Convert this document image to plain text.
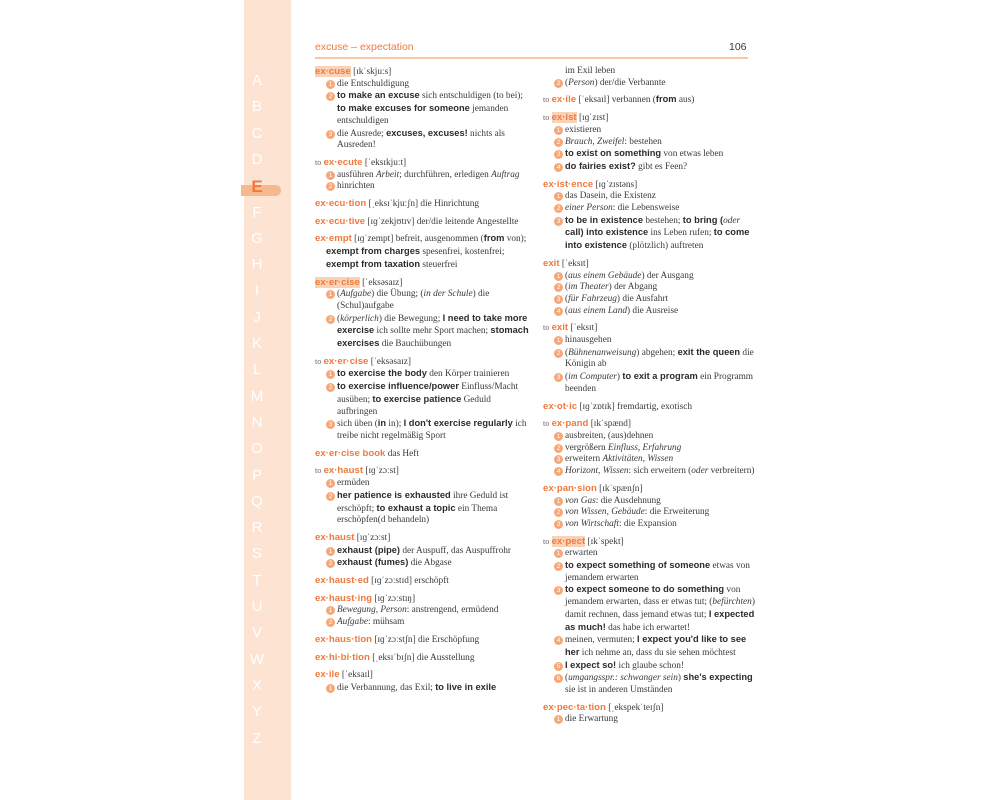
A
B
C
D
E
F
G
H
I
J
K
L
M
N
O
P
Q
R
S
T
U
V
W
X
Y
Z
excuse – expectation	106
ex·cuse [ɪkˈskjuːs]
1 die Entschuldigung
2 to make an excuse sich entschuldigen (to bei); to make excuses for someone jemanden entschuldigen
3 die Ausrede; excuses, excuses! nichts als Ausreden!
to ex·ecute [ˈeksɪkjuːt]
1 ausführen Arbeit; durchführen, erledigen Auftrag
2 hinrichten
ex·ecu·tion [ˌeksɪˈkjuːʃn] die Hinrichtung
ex·ecu·tive [ɪɡˈzekjʊtɪv] der/die leitende Angestellte
ex·empt [ɪɡˈzempt] befreit, ausgenommen (from von); exempt from charges spesenfrei, kostenfrei; exempt from taxation steuerfrei
ex·er·cise [ˈeksəsaɪz]
1 (Aufgabe) die Übung; (in der Schule) die (Schul)aufgabe
2 (körperlich) die Bewegung; I need to take more exercise ich sollte mehr Sport machen; stomach exercises die Bauchübungen
to ex·er·cise [ˈeksəsaɪz]
1 to exercise the body den Körper trainieren
2 to exercise influence/power Einfluss/Macht ausüben; to exercise patience Geduld aufbringen
3 sich üben (in in); I don't exercise regularly ich treibe nicht regelmäßig Sport
ex·er·cise book das Heft
to ex·haust [ɪɡˈzɔːst]
1 ermüden
2 her patience is exhausted ihre Geduld ist erschöpft; to exhaust a topic ein Thema erschöpfen(d behandeln)
ex·haust [ɪɡˈzɔːst]
1 exhaust (pipe) der Auspuff, das Auspuffrohr
2 exhaust (fumes) die Abgase
ex·haust·ed [ɪɡˈzɔːstɪd] erschöpft
ex·haust·ing [ɪɡˈzɔːstɪŋ]
1 Bewegung, Person: anstrengend, ermüdend
2 Aufgabe: mühsam
ex·haus·tion [ɪɡˈzɔːstʃn] die Erschöpfung
ex·hi·bi·tion [ˌeksɪˈbɪʃn] die Ausstellung
ex·ile [ˈeksaɪl]
1 die Verbannung, das Exil; to live in exile
im Exil leben
2 (Person) der/die Verbannte
to ex·ile [ˈeksaɪl] verbannen (from aus)
to ex·ist [ɪɡˈzɪst]
1 existieren
2 Brauch, Zweifel: bestehen
3 to exist on something von etwas leben
4 do fairies exist? gibt es Feen?
ex·ist·ence [ɪɡˈzɪstəns]
1 das Dasein, die Existenz
2 einer Person: die Lebensweise
3 to be in existence bestehen; to bring (oder call) into existence ins Leben rufen; to come into existence (plötzlich) auftreten
exit [ˈeksɪt]
1 (aus einem Gebäude) der Ausgang
2 (im Theater) der Abgang
3 (für Fahrzeug) die Ausfahrt
4 (aus einem Land) die Ausreise
to exit [ˈeksɪt]
1 hinausgehen
2 (Bühnenanweisung) abgehen; exit the queen die Königin ab
3 (im Computer) to exit a program ein Programm beenden
ex·ot·ic [ɪɡˈzɒtɪk] fremdartig, exotisch
to ex·pand [ɪkˈspænd]
1 ausbreiten, (aus)dehnen
2 vergrößern Einfluss, Erfahrung
3 erweitern Aktivitäten, Wissen
4 Horizont, Wissen: sich erweitern (oder verbreitern)
ex·pan·sion [ɪkˈspænʃn]
1 von Gas: die Ausdehnung
2 von Wissen, Gebäude: die Erweiterung
3 von Wirtschaft: die Expansion
to ex·pect [ɪkˈspekt]
1 erwarten
2 to expect something of someone etwas von jemandem erwarten
3 to expect someone to do something von jemandem erwarten, dass er etwas tut; (befürchten) damit rechnen, dass jemand etwas tut; I expected as much! das habe ich erwartet!
4 meinen, vermuten; I expect you'd like to see her ich nehme an, dass du sie sehen möchtest
5 I expect so! ich glaube schon!
6 (umgangsspr.: schwanger sein) she's expecting sie ist in anderen Umständen
ex·pec·ta·tion [ˌekspekˈteɪʃn]
1 die Erwartung
